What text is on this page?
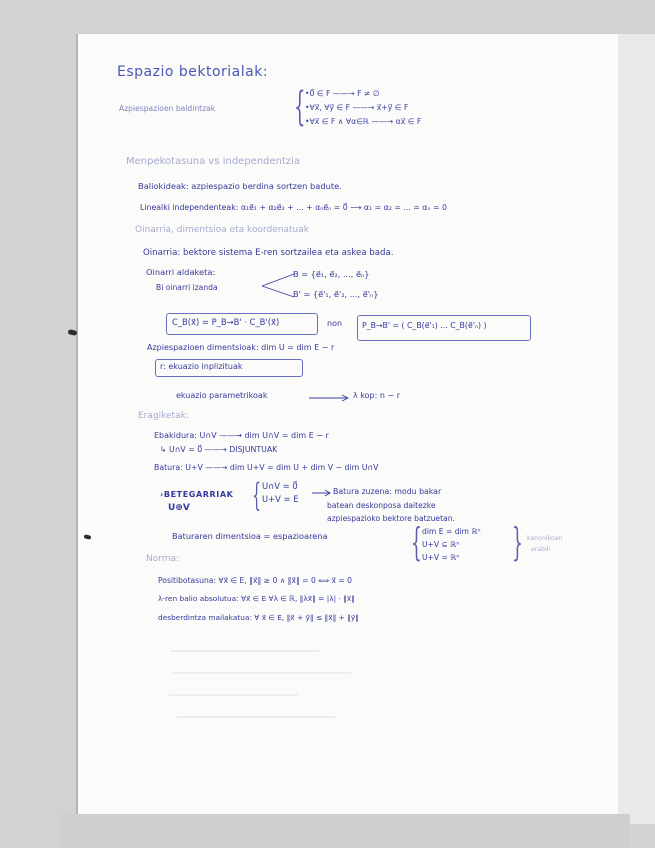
Espazio bektorialak:
Azpiespazioen baldintzak { •0⃗ ∈ F ——→ F ≠ ∅
•∀x⃗, ∀y⃗ ∈ F ——→ x⃗+y⃗ ∈ F
•∀x⃗ ∈ F ∧ ∀α∈ℝ ——→ αx⃗ ∈ F
Menpekotasuna vs independentzia
Baliokideak: azpiespazio berdina sortzen badute.
Linealki independenteak: α₁e⃗₁ + α₂e⃗₂ + ... + αₙe⃗ₙ = 0⃗ ⟶ α₁ = α₂ = ... = αₙ = 0
Oinarria, dimentsioa eta koordenatuak
Oinarria: bektore sistema E-ren sortzailea eta askea bada.
Oinarri aldaketa:
Bi oinarri izanda
B = {e⃗₁, e⃗₂, ..., e⃗ₙ}
B' = {e⃗'₁, e⃗'₂, ..., e⃗'ₙ}
C_B(x⃗) = P_B→B' · C_B'(x⃗)	non	P_B→B' = ( C_B(e⃗'₁) ... C_B(e⃗'ₙ) )
Azpiespazioen dimentsioak: dim U = dim E − r
r: ekuazio inplizituak
ekuazio parametrikoak	λ kop: n − r
Eragiketak:
Ebakidura: U∩V ——→ dim U∩V = dim E − r
↳ U∩V = 0⃗ ——→ DISJUNTUAK
Batura: U+V ——→ dim U+V = dim U + dim V − dim U∩V
›BETEGARRIAK
U⊕V { U∩V = 0⃗
U+V = E
Batura zuzena: modu bakar
batean deskonposa daitezke
azpiespazioko bektore batzuetan.
Baturaren dimentsioa = espazioarena { dim E = dim ℝⁿ
U+V ⊆ ℝⁿ
U+V = ℝⁿ } kanonikoan
erabili
Norma:
Positibotasuna: ∀x⃗ ∈ E, ‖x⃗‖ ≥ 0 ∧ ‖x⃗‖ = 0 ⟺ x⃗ = 0
λ-ren balio absolutua: ∀x⃗ ∈ E ∀λ ∈ ℝ, ‖λx⃗‖ = |λ| · ‖x⃗‖
desberdintza mailakatua: ∀ x⃗ ∈ E, ‖x⃗ + y⃗‖ ≤ ‖x⃗‖ + ‖y⃗‖
